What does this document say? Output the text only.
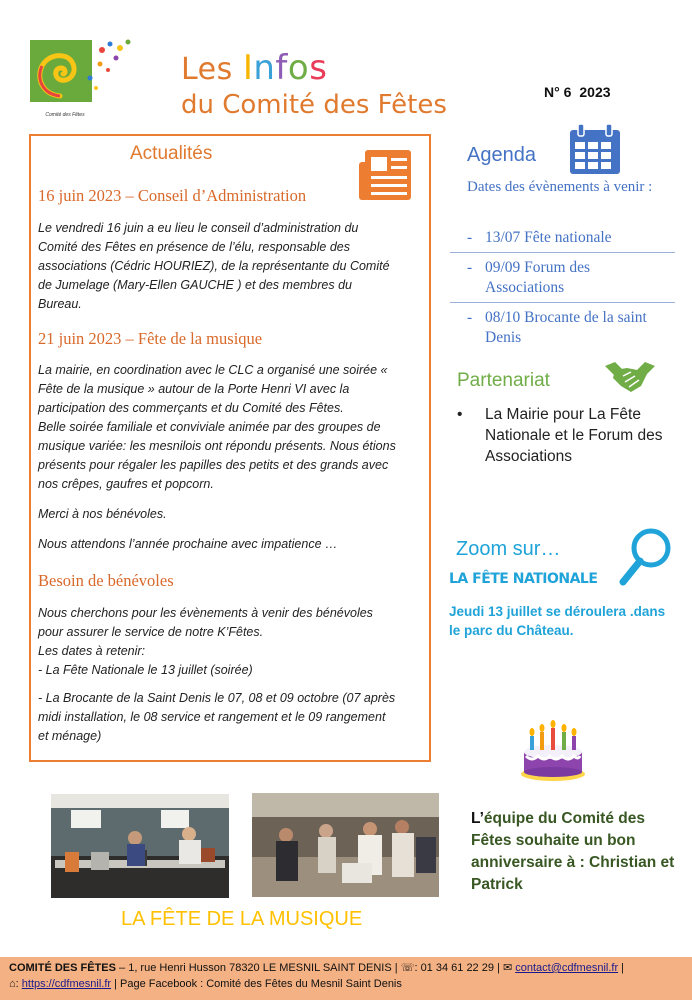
Comité des Fêtes
Les Infos
du Comité des Fêtes	N° 6 2023
Actualités
16 juin 2023 – Conseil d’Administration
Le vendredi 16 juin a eu lieu le conseil d’administration du Comité des Fêtes en présence de l’élu, responsable des associations (Cédric HOURIEZ), de la représentante du Comité de Jumelage (Mary-Ellen GAUCHE ) et des membres du Bureau.
21 juin 2023 – Fête de la musique

La mairie, en coordination avec le CLC a organisé une soirée « Fête de la musique » autour de la Porte Henri VI avec la participation des commerçants et du Comité des Fêtes.

Belle soirée familiale et conviviale animée par des groupes de musique variée: les mesnilois ont répondu présents. Nous étions présents pour régaler les papilles des petits et des grands avec nos crêpes, gaufres et popcorn.

Merci à nos bénévoles.

Nous attendons l’année prochaine avec impatience …

Besoin de bénévoles

Nous cherchons pour les évènements à venir des bénévoles pour assurer le service de notre K’Fêtes.

Les dates à retenir:

- La Fête Nationale le 13 juillet (soirée)

- La Brocante de la Saint Denis le 07, 08 et 09 octobre (07 après midi installation, le 08 service et rangement et le 09 rangement et ménage)

Agenda
Dates des évènements à venir :
- 13/07 Fête nationale
- 09/09 Forum des Associations
- 08/10 Brocante de la saint Denis
Partenariat
•	La Mairie pour La Fête Nationale et le Forum des Associations
Zoom sur…
LA FÊTE NATIONALE
Jeudi 13 juillet se déroulera .dans le parc du Château.
LA FÊTE DE LA MUSIQUE
L’équipe du Comité des Fêtes souhaite un bon anniversaire à : Christian et Patrick
COMITÉ DES FÊTES – 1, rue Henri Husson 78320 LE MESNIL SAINT DENIS | ☏: 01 34 61 22 29 | ✉ contact@cdfmesnil.fr |
⌂: https://cdfmesnil.fr | Page Facebook : Comité des Fêtes du Mesnil Saint Denis
